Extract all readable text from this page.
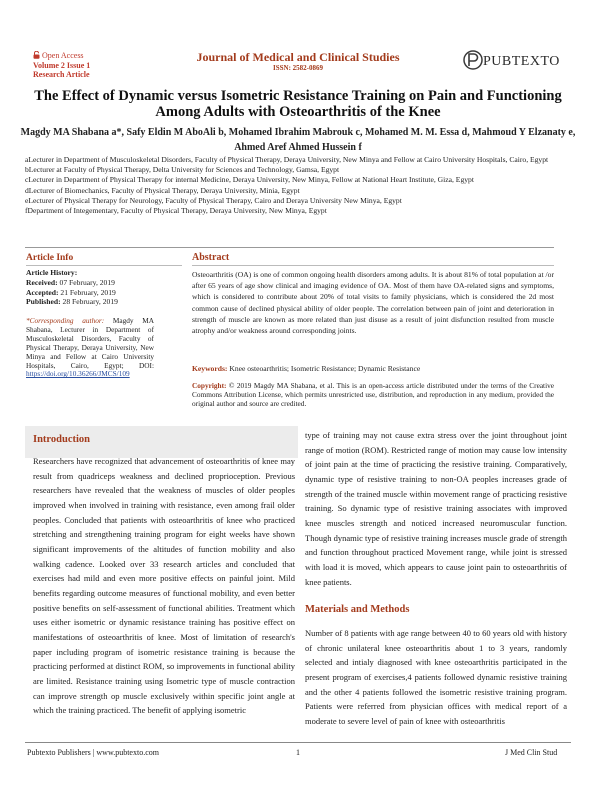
Open Access
Volume 2 Issue 1
Research Article
Journal of Medical and Clinical Studies
ISSN: 2582-0869	PUBTEXTO
The Effect of Dynamic versus Isometric Resistance Training on Pain and Functioning Among Adults with Osteoarthritis of the Knee
Magdy MA Shabana a*, Safy Eldin M AboAli b, Mohamed Ibrahim Mabrouk c, Mohamed M. M. Essa d, Mahmoud Y Elzanaty e,
Ahmed Aref Ahmed Hussein f
aLecturer in Department of Musculoskeletal Disorders, Faculty of Physical Therapy, Deraya University, New Minya and Fellow at Cairo University Hospitals, Cairo, Egypt
bLecturer at Faculty of Physical Therapy, Delta University for Sciences and Technology, Gamsa, Egypt
cLecturer in Department of Physical Therapy for internal Medicine, Deraya University, New Minya, Fellow at National Heart Institute, Giza, Egypt
dLecturer of Biomechanics, Faculty of Physical Therapy, Deraya University, Minia, Egypt
eLecturer of Physical Therapy for Neurology, Faculty of Physical Therapy, Cairo and Deraya University New Minya, Egypt
fDepartment of Integementary, Faculty of Physical Therapy, Deraya University, New Minya, Egypt
Article Info
Article History:
Received: 07 February, 2019
Accepted: 21 February, 2019
Published: 28 February, 2019
*Corresponding author: Magdy MA Shabana, Lecturer in Department of Musculoskeletal Disorders, Faculty of Physical Therapy, Deraya University, New Minya and Fellow at Cairo University Hospitals, Cairo, Egypt; DOI: https://doi.org/10.36266/JMCS/109
Abstract
Osteoarthritis (OA) is one of common ongoing health disorders among adults. It is about 81% of total population at /or after 65 years of age show clinical and imaging evidence of OA. Most of them have OA-related signs and symptoms, which is considered to contribute about 20% of total visits to family physicians, which is considered the 2d most common cause of declined physical ability of older people. The correlation between pain of joint and deterioration in strength of muscle are known as more related than just disuse as a result of joint disfunction resulted from muscle atrophy and/or weakness around corresponding joints.
Keywords: Knee osteoarthritis; Isometric Resistance; Dynamic Resistance
Copyright: © 2019 Magdy MA Shabana, et al. This is an open-access article distributed under the terms of the Creative Commons Attribution License, which permits unrestricted use, distribution, and reproduction in any medium, provided the original author and source are credited.
Introduction
Researchers have recognized that advancement of osteoarthritis of knee may result from quadriceps weakness and declined proprioception. Previous researchers have revealed that the weakness of muscles of older peoples improved when involved in training with resistance, even among frail older peoples. Concluded that patients with osteoarthritis of knee who practiced stretching and strengthening training program for eight weeks have shown significant improvements of the altitudes of function mobility and also walking cadence. Looked over 33 research articles and concluded that exercises had mild and even more positive effects on painful joint. Mild benefits regarding outcome measures of functional mobility, and even better positive benefits on self-assessment of functional abilities. Treatment which uses either isometric or dynamic resistance training has positive effect on manifestations of osteoarthritis of knee. Most of limitation of research's paper including program of isometric resistance training is because the practicing performed at distinct ROM, so improvements in functional ability are limited. Resistance training using Isometric type of muscle contraction can improve strength op muscle exclusively within specific joint angle at which the training practiced. The benefit of applying isometric
type of training may not cause extra stress over the joint throughout joint range of motion (ROM). Restricted range of motion may cause low intensity of joint pain at the time of practicing the resistive training. Comparatively, dynamic type of resistive training to non-OA peoples increases grade of strength of the trained muscle within movement range of practicing resistive training. So dynamic type of resistive training associates with improved knee muscles strength and noticed increased neuromuscular function. Though dynamic type of resistive training increases muscle grade of strength and function throughout practiced Movement range, while joint is stressed with load it is moved, which appears to cause joint pain to osteoarthritis of knee patients.
Materials and Methods
Number of 8 patients with age range between 40 to 60 years old with history of chronic unilateral knee osteoarthritis about 1 to 3 years, randomly selected and intialy diagnosed with knee osteoarthritis participated in the present program of exercises,4 patients followed dynamic resistive training and the other 4 patients followed the isometric resistive training program. Patients were referred from physician offices with medical report of a moderate to severe level of pain of knee with osteoarthritis
Pubtexto Publishers | www.pubtexto.com	1	J Med Clin Stud
